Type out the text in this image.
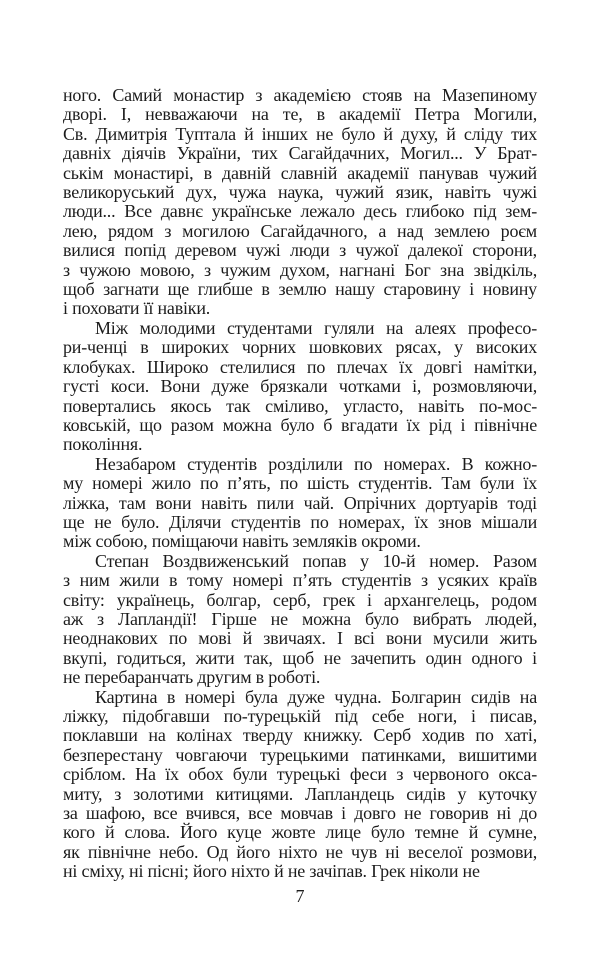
ного. Самий монастир з академією стояв на Мазепиному
дворі. І, невважаючи на те, в академії Петра Могили,
Св. Димитрія Туптала й інших не було й духу, й сліду тих
давніх діячів України, тих Сагайдачних, Могил... У Брат-
ськім монастирі, в давній славній академії панував чужий
великоруський дух, чужа наука, чужий язик, навіть чужі
люди... Все давнє українське лежало десь глибоко під зем-
лею, рядом з могилою Сагайдачного, а над землею роєм
вилися попід деревом чужі люди з чужої далекої сторони,
з чужою мовою, з чужим духом, нагнані Бог зна звідкіль,
щоб загнати ще глибше в землю нашу старовину і новину
і поховати її навіки.
Між молодими студентами гуляли на алеях професо-
ри-ченці в широких чорних шовкових рясах, у високих
клобуках. Широко стелилися по плечах їх довгі намітки,
густі коси. Вони дуже брязкали чотками і, розмовляючи,
повертались якось так сміливо, угласто, навіть по-мос-
ковській, що разом можна було б вгадати їх рід і північне
покоління.
Незабаром студентів розділили по номерах. В кожно-
му номері жило по п’ять, по шість студентів. Там були їх
ліжка, там вони навіть пили чай. Опрічних дортуарів тоді
ще не було. Ділячи студентів по номерах, їх знов мішали
між собою, поміщаючи навіть земляків окроми.
Степан Воздвиженський попав у 10-й номер. Разом
з ним жили в тому номері п’ять студентів з усяких країв
світу: українець, болгар, серб, грек і архангелець, родом
аж з Лапландії! Гірше не можна було вибрать людей,
неоднакових по мові й звичаях. І всі вони мусили жить
вкупі, годиться, жити так, щоб не зачепить один одного і
не перебаранчать другим в роботі.
Картина в номері була дуже чудна. Болгарин сидів на
ліжку, підобгавши по-турецькій під себе ноги, і писав,
поклавши на колінах тверду книжку. Серб ходив по хаті,
безперестану човгаючи турецькими патинками, вишитими
сріблом. На їх обох були турецькі феси з червоного окса-
миту, з золотими китицями. Лапландець сидів у куточку
за шафою, все вчився, все мовчав і довго не говорив ні до
кого й слова. Його куце жовте лице було темне й сумне,
як північне небо. Од його ніхто не чув ні веселої розмови,
ні сміху, ні пісні; його ніхто й не зачіпав. Грек ніколи не
7
